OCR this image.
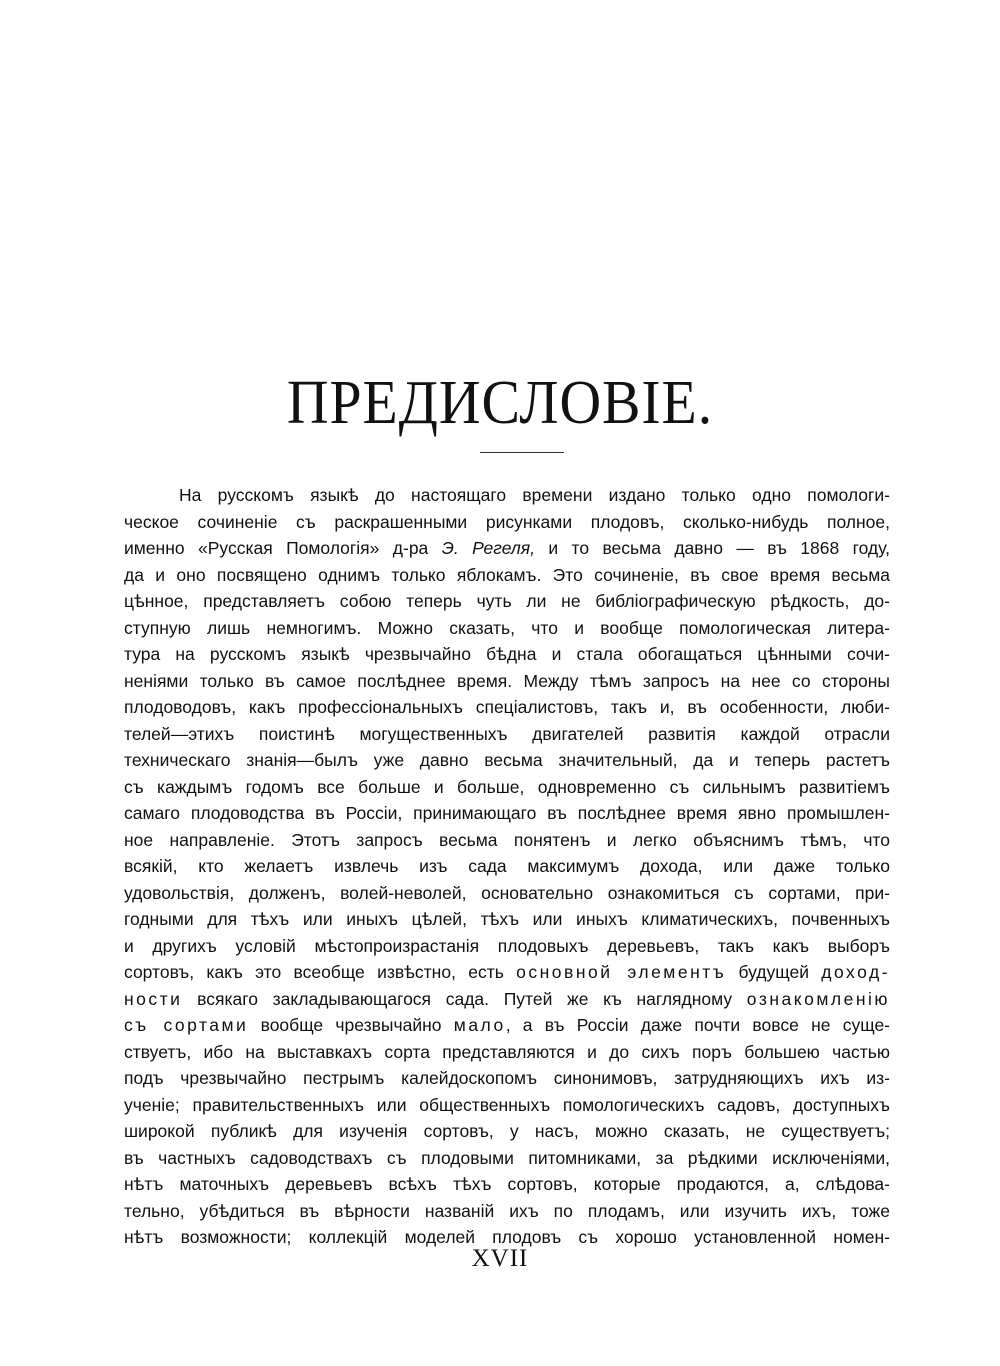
ПРЕДИСЛОВІЕ.
На русскомъ языкѣ до настоящаго времени издано только одно помологи-
ческое сочиненіе съ раскрашенными рисунками плодовъ, сколько-нибудь полное,
именно «Русская Помологія» д-ра Э. Регеля, и то весьма давно — въ 1868 году,
да и оно посвящено однимъ только яблокамъ. Это сочиненіе, въ свое время весьма
цѣнное, представляетъ собою теперь чуть ли не библіографическую рѣдкость, до-
ступную лишь немногимъ. Можно сказать, что и вообще помологическая литера-
тура на русскомъ языкѣ чрезвычайно бѣдна и стала обогащаться цѣнными сочи-
неніями только въ самое послѣднее время. Между тѣмъ запросъ на нее со стороны
плодоводовъ, какъ профессіональныхъ спеціалистовъ, такъ и, въ особенности, люби-
телей—этихъ поистинѣ могущественныхъ двигателей развитія каждой отрасли
техническаго знанія—былъ уже давно весьма значительный, да и теперь растетъ
съ каждымъ годомъ все больше и больше, одновременно съ сильнымъ развитіемъ
самаго плодоводства въ Россіи, принимающаго въ послѣднее время явно промышлен-
ное направленіе. Этотъ запросъ весьма понятенъ и легко объяснимъ тѣмъ, что
всякій, кто желаетъ извлечь изъ сада максимумъ дохода, или даже только
удовольствія, долженъ, волей-неволей, основательно ознакомиться съ сортами, при-
годными для тѣхъ или иныхъ цѣлей, тѣхъ или иныхъ климатическихъ, почвенныхъ
и другихъ условій мѣстопроизрастанія плодовыхъ деревьевъ, такъ какъ выборъ
сортовъ, какъ это всеобще извѣстно, есть основной элементъ будущей доход-
ности всякаго закладывающагося сада. Путей же къ наглядному ознакомленію
съ сортами вообще чрезвычайно мало, а въ Россіи даже почти вовсе не суще-
ствуетъ, ибо на выставкахъ сорта представляются и до сихъ поръ большею частью
подъ чрезвычайно пестрымъ калейдоскопомъ синонимовъ, затрудняющихъ ихъ из-
ученіе; правительственныхъ или общественныхъ помологическихъ садовъ, доступныхъ
широкой публикѣ для изученія сортовъ, у насъ, можно сказать, не существуетъ;
въ частныхъ садоводствахъ съ плодовыми питомниками, за рѣдкими исключеніями,
нѣтъ маточныхъ деревьевъ всѣхъ тѣхъ сортовъ, которые продаются, а, слѣдова-
тельно, убѣдиться въ вѣрности названій ихъ по плодамъ, или изучить ихъ, тоже
нѣтъ возможности; коллекцій моделей плодовъ съ хорошо установленной номен-
XVII
